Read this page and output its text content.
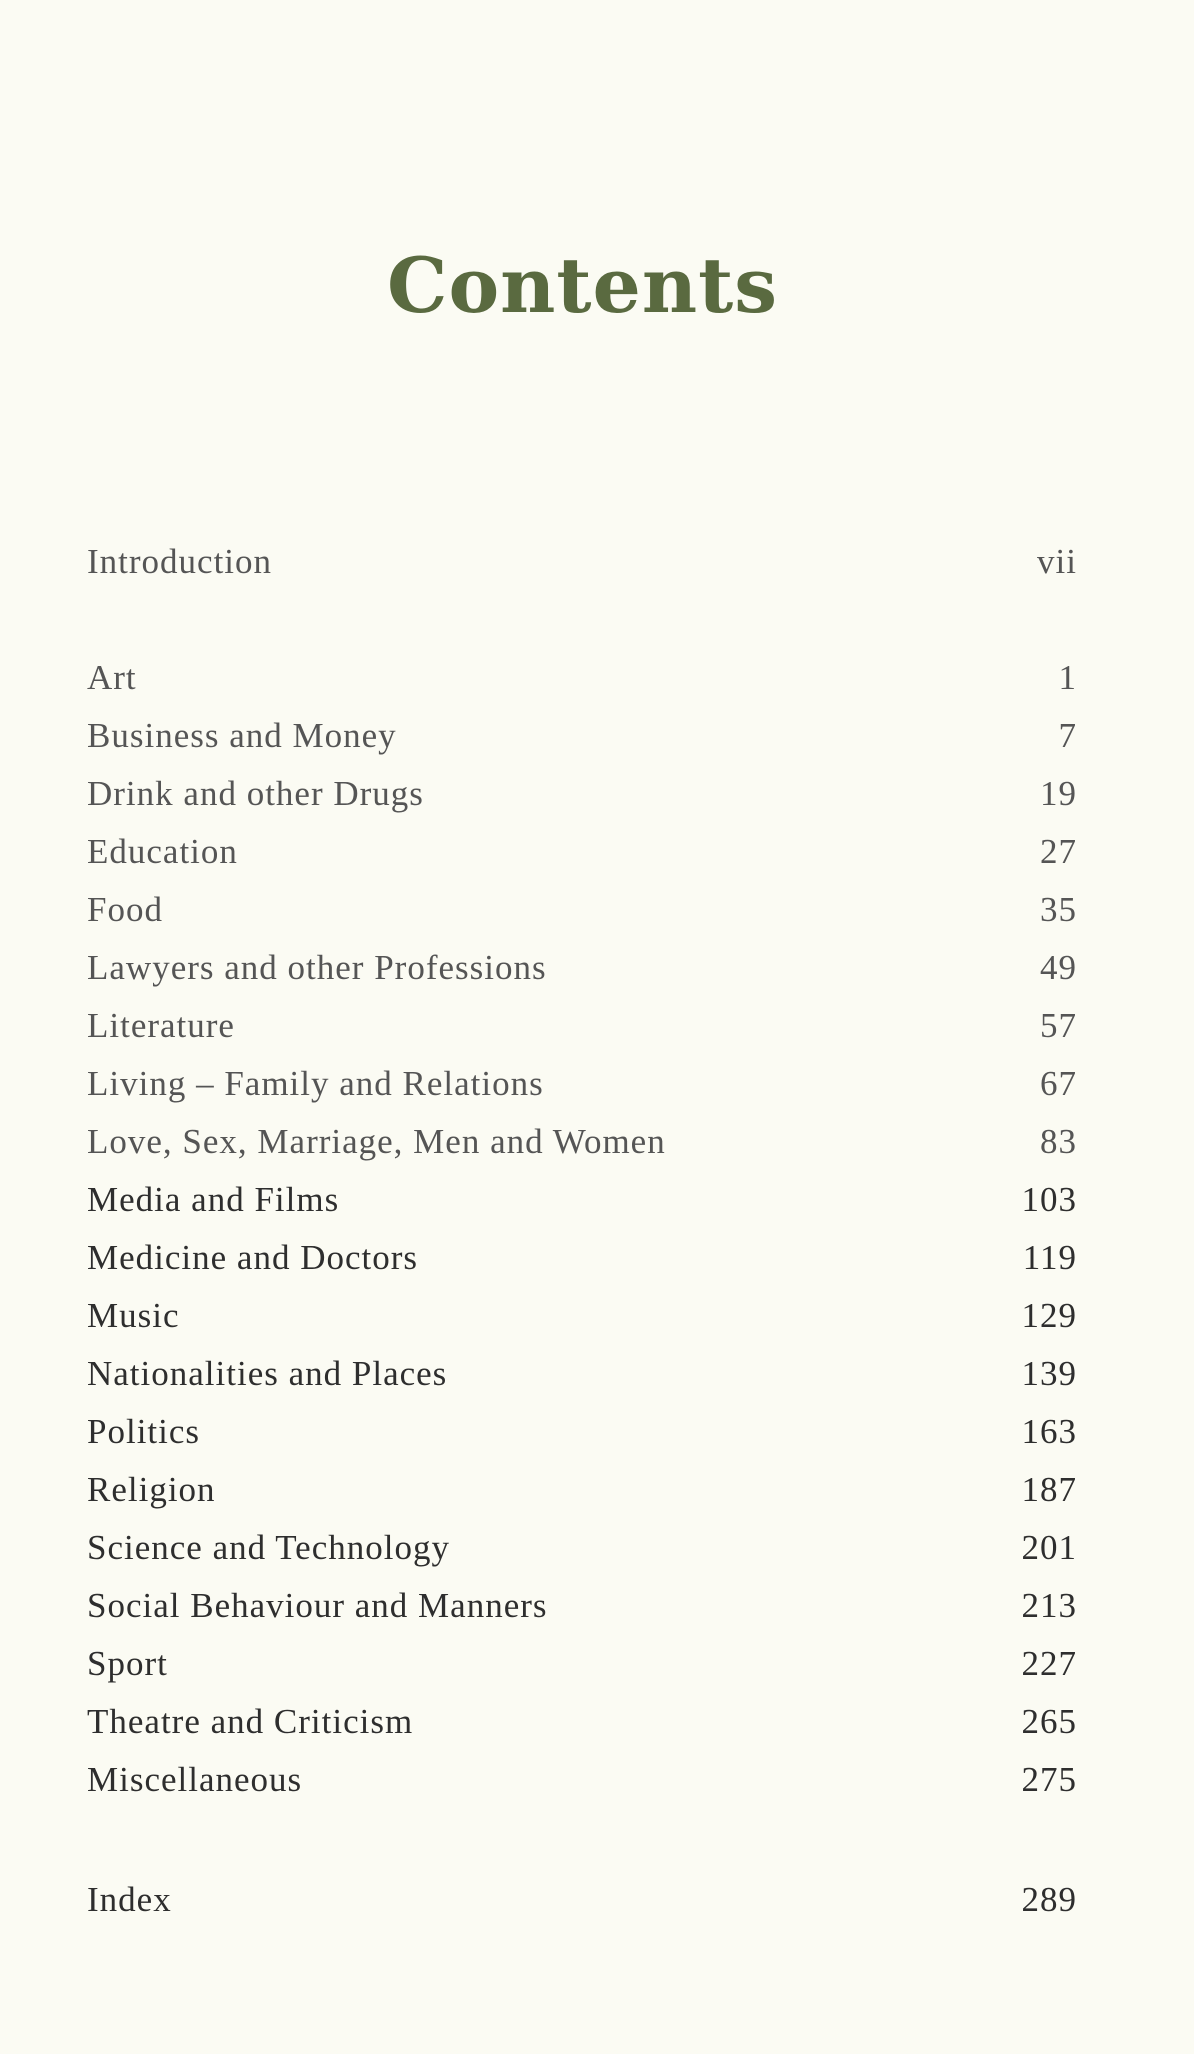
Contents
Introduction	vii
Art	1
Business and Money	7
Drink and other Drugs	19
Education	27
Food	35
Lawyers and other Professions	49
Literature	57
Living – Family and Relations	67
Love, Sex, Marriage, Men and Women	83
Media and Films	103
Medicine and Doctors	119
Music	129
Nationalities and Places	139
Politics	163
Religion	187
Science and Technology	201
Social Behaviour and Manners	213
Sport	227
Theatre and Criticism	265
Miscellaneous	275
Index	289
